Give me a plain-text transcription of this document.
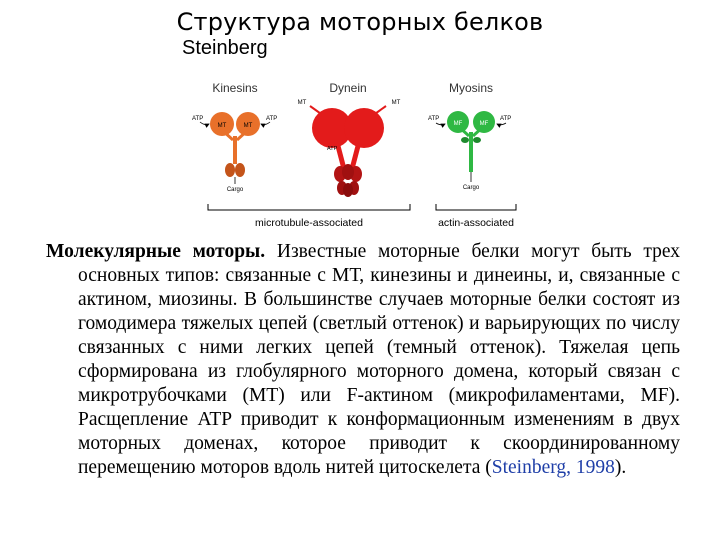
Структура моторных белков
Steinberg
Kinesins	Dynein	Myosins
MT	MT
ATP	ATP
Cargo
MT	MT
ATP
MF	MF
ATP	ATP
Cargo
microtubule-associated	actin-associated

Молекулярные моторы. Известные моторные белки могут быть трех основных типов: связанные с МТ, кинезины и динеины, и, связанные с актином, миозины. В большинстве случаев моторные белки состоят из гомодимера тяжелых цепей (светлый оттенок) и варьирующих по числу связанных с ними легких цепей (темный оттенок). Тяжелая цепь сформирована из глобулярного моторного домена, который связан с микротрубочками (MT) или F-актином (микрофиламентами, MF). Расщепление ATP приводит к конформационным изменениям в двух моторных доменах, которое приводит к скоординированному перемещению моторов вдоль нитей цитоскелета (Steinberg, 1998).
